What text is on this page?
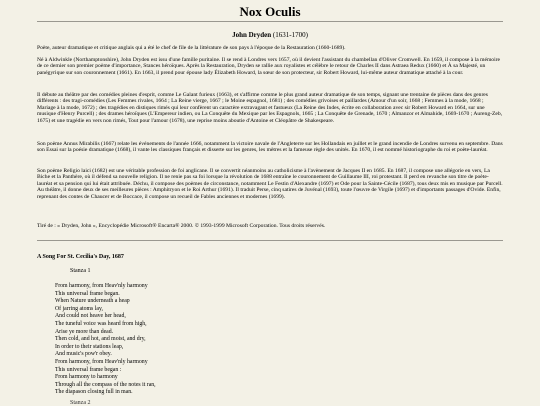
Nox Oculis
John Dryden (1631-1700)

Poète, auteur dramatique et critique anglais qui a été le chef de file de la littérature de son pays à l'époque de la Restauration (1660-1689).

Né à Aldwinkle (Northamptonshire), John Dryden est issu d'une famille puritaine. Il se rend à Londres vers 1657, où il devient l'assistant du chambellan d'Oliver Cromwell. En 1659, il compose à la mémoire de ce dernier son premier poème d'importance, Stances héroïques. Après la Restauration, Dryden se rallie aux royalistes et célèbre le retour de Charles II dans Astraea Redux (1660) et À sa Majesté, un panégyrique sur son couronnement (1661). En 1663, il prend pour épouse lady Élizabeth Howard, la sœur de son protecteur, sir Robert Howard, lui-même auteur dramatique attaché à la cour.

Il débute au théâtre par des comédies pleines d'esprit, comme Le Galant furieux (1663), et s'affirme comme le plus grand auteur dramatique de son temps, signant une trentaine de pièces dans des genres différents : des tragi-comédies (Les Femmes rivales, 1664 ; La Reine vierge, 1667 ; le Moine espagnol, 1681) ; des comédies grivoises et paillardes (Amour d'un soir, 1668 ; Femmes à la mode, 1668 ; Mariage à la mode, 1672) ; des tragédies en distiques rimés qui leur confèrent un caractère extravagant et fastueux (La Reine des Indes, écrite en collaboration avec sir Robert Howard en 1664, sur une musique d'Henry Purcell) ; des drames héroïques (L'Empereur indien, ou La Conquête du Mexique par les Espagnols, 1665 ; La Conquête de Grenade, 1670 ; Almanzor et Almahide, 1669-1670 ; Aureng-Zeb, 1675) et une tragédie en vers non rimés, Tout pour l'amour (1678), une reprise moins aboutie d'Antoine et Cléopâtre de Shakespeare.

Son poème Annus Mirabilis (1667) relate les événements de l'année 1666, notamment la victoire navale de l'Angleterre sur les Hollandais en juillet et le grand incendie de Londres survenu en septembre. Dans son Essai sur la poésie dramatique (1668), il vante les classiques français et disserte sur les genres, les mètres et la fameuse règle des unités. En 1670, il est nommé historiographe du roi et poète-lauréat.

Son poème Religio laici (1682) est une véritable profession de foi anglicane. Il se convertit néanmoins au catholicisme à l'avènement de Jacques II en 1685. En 1687, il compose une allégorie en vers, La Biche et la Panthère, où il défend sa nouvelle religion. Il ne renie pas sa foi lorsque la révolution de 1688 entraîne le couronnement de Guillaume III, roi protestant. Il perd en revanche son titre de poète-lauréat et sa pension qui lui était attribuée. Déchu, il compose des poèmes de circonstance, notamment Le Festin d'Alexandre (1697) et Ode pour la Sainte-Cécile (1687), tous deux mis en musique par Purcell. Au théâtre, il donne deux de ses meilleures pièces : Amphitryon et le Roi Arthur (1691). Il traduit Perse, cinq satires de Juvénal (1693), toute l'œuvre de Virgile (1697) et d'importants passages d'Ovide. Enfin, reprenant des contes de Chaucer et de Boccace, il compose un recueil de Fables anciennes et modernes (1699).

Tiré de : « Dryden, John », Encyclopédie Microsoft® Encarta® 2000. © 1993-1999 Microsoft Corporation. Tous droits réservés.

A Song For St. Cecilia's Day, 1687
Stanza 1
From harmony, from Heav'nly harmony
This universal frame began.
When Nature underneath a heap
Of jarring atoms lay,
And could not heave her head,
The tuneful voice was heard from high,
Arise ye more than dead.
Then cold, and hot, and moist, and dry,
In order to their stations leap,
And music's pow'r obey.
From harmony, from Heav'nly harmony
This universal frame began :
From harmony to harmony
Through all the compass of the notes it ran,
The diapason closing full in man.
Stanza 2
